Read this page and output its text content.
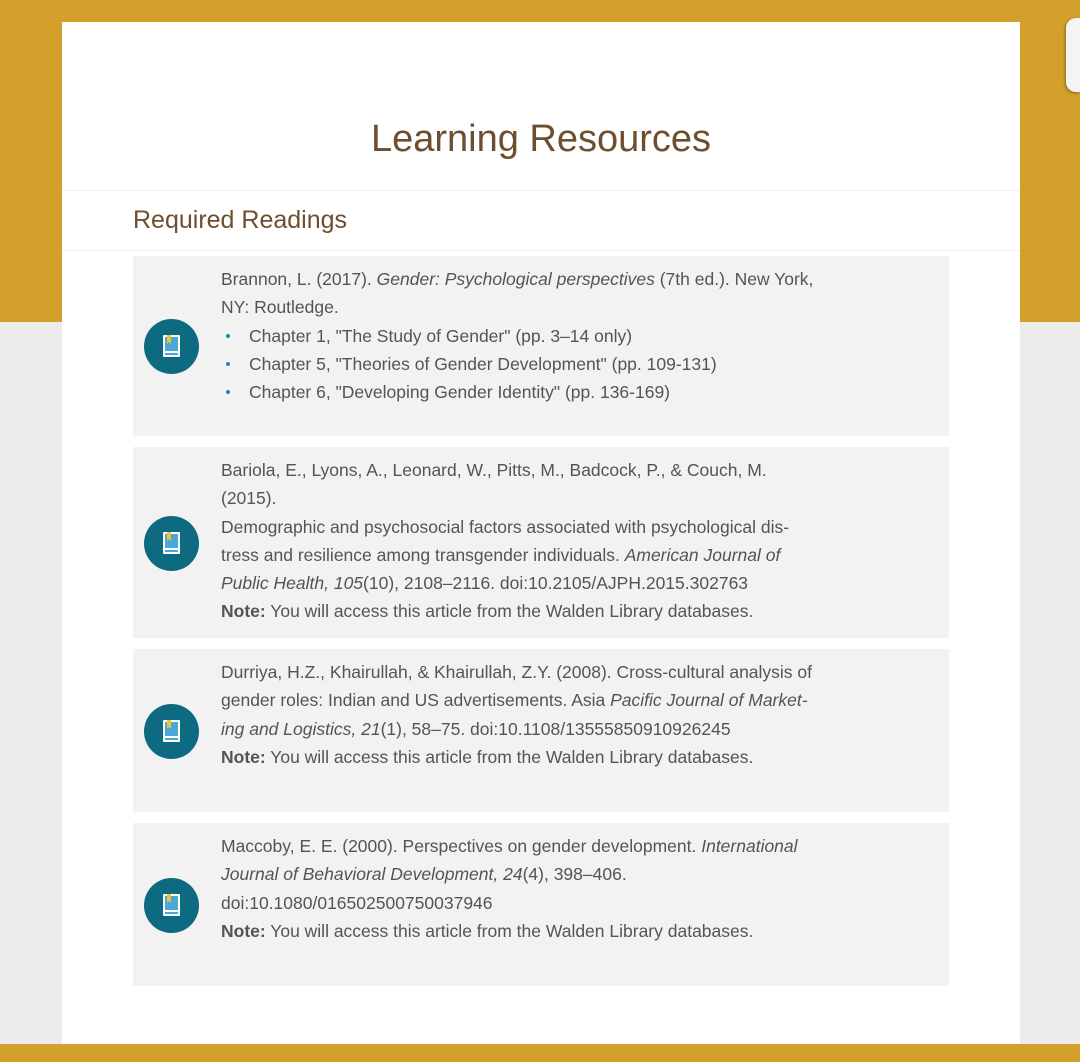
Learning Resources
Required Readings

Brannon, L. (2017). Gender: Psychological perspectives (7th ed.). New York, NY: Routledge.

Chapter 1, "The Study of Gender" (pp. 3–14 only)
Chapter 5, "Theories of Gender Development" (pp. 109-131)
Chapter 6, "Developing Gender Identity" (pp. 136-169)

Bariola, E., Lyons, A., Leonard, W., Pitts, M., Badcock, P., & Couch, M. (2015).

Demographic and psychosocial factors associated with psychological dis-

tress and resilience among transgender individuals. American Journal of

Public Health, 105(10), 2108–2116. doi:10.2105/AJPH.2015.302763

Note: You will access this article from the Walden Library databases.

Durriya, H.Z., Khairullah, & Khairullah, Z.Y. (2008). Cross-cultural analysis of

gender roles: Indian and US advertisements. Asia Pacific Journal of Market-

ing and Logistics, 21(1), 58–75. doi:10.1108/13555850910926245

Note: You will access this article from the Walden Library databases.

Maccoby, E. E. (2000). Perspectives on gender development. International

Journal of Behavioral Development, 24(4), 398–406.

doi:10.1080/016502500750037946

Note: You will access this article from the Walden Library databases.
